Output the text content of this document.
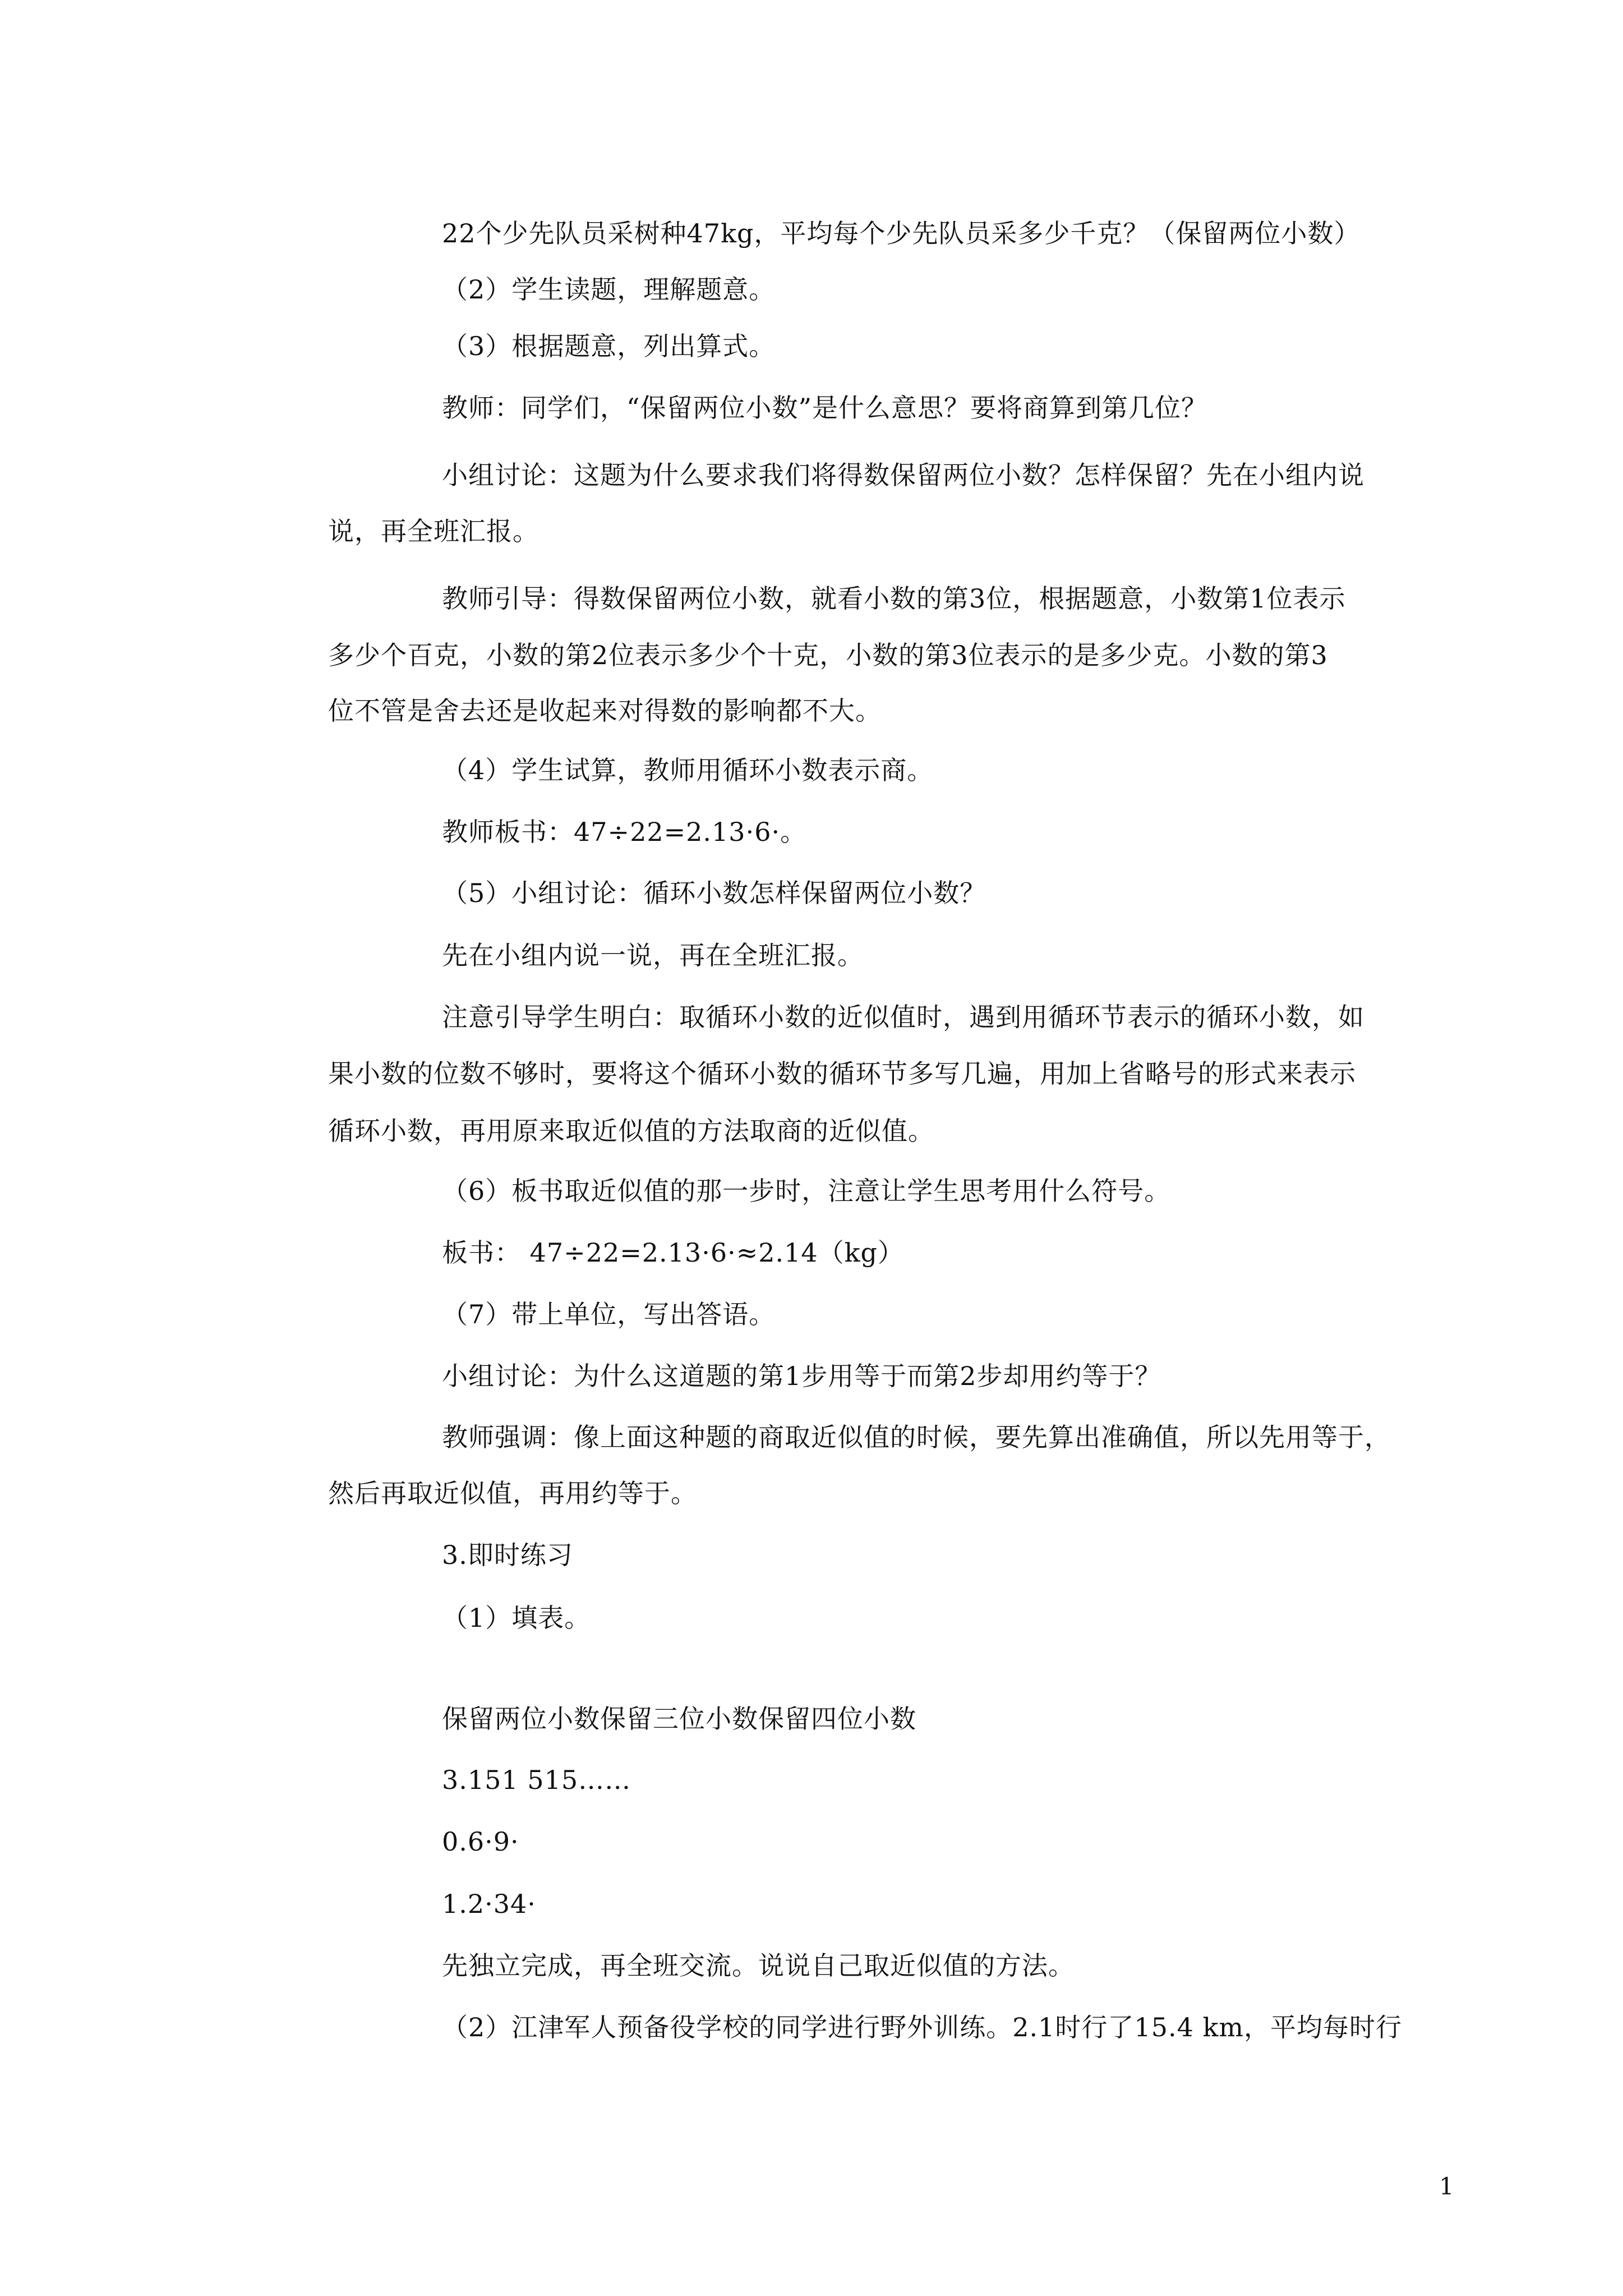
22个少先队员采树种47kg，平均每个少先队员采多少千克？（保留两位小数）
（2）学生读题，理解题意。
（3）根据题意，列出算式。
教师：同学们，“保留两位小数”是什么意思？要将商算到第几位？
小组讨论：这题为什么要求我们将得数保留两位小数？怎样保留？先在小组内说
说，再全班汇报。
教师引导：得数保留两位小数，就看小数的第3位，根据题意，小数第1位表示
多少个百克，小数的第2位表示多少个十克，小数的第3位表示的是多少克。小数的第3
位不管是舍去还是收起来对得数的影响都不大。
（4）学生试算，教师用循环小数表示商。
教师板书：47÷22=2.13·6·。
（5）小组讨论：循环小数怎样保留两位小数？
先在小组内说一说，再在全班汇报。
注意引导学生明白：取循环小数的近似值时，遇到用循环节表示的循环小数，如
果小数的位数不够时，要将这个循环小数的循环节多写几遍，用加上省略号的形式来表示
循环小数，再用原来取近似值的方法取商的近似值。
（6）板书取近似值的那一步时，注意让学生思考用什么符号。
板书： 47÷22=2.13·6·≈2.14（kg）
（7）带上单位，写出答语。
小组讨论：为什么这道题的第1步用等于而第2步却用约等于？
教师强调：像上面这种题的商取近似值的时候，要先算出准确值，所以先用等于，
然后再取近似值，再用约等于。
3.即时练习
（1）填表。
保留两位小数保留三位小数保留四位小数
3.151 515……
0.6·9·
1.2·34·
先独立完成，再全班交流。说说自己取近似值的方法。
（2）江津军人预备役学校的同学进行野外训练。2.1时行了15.4 km，平均每时行
1
